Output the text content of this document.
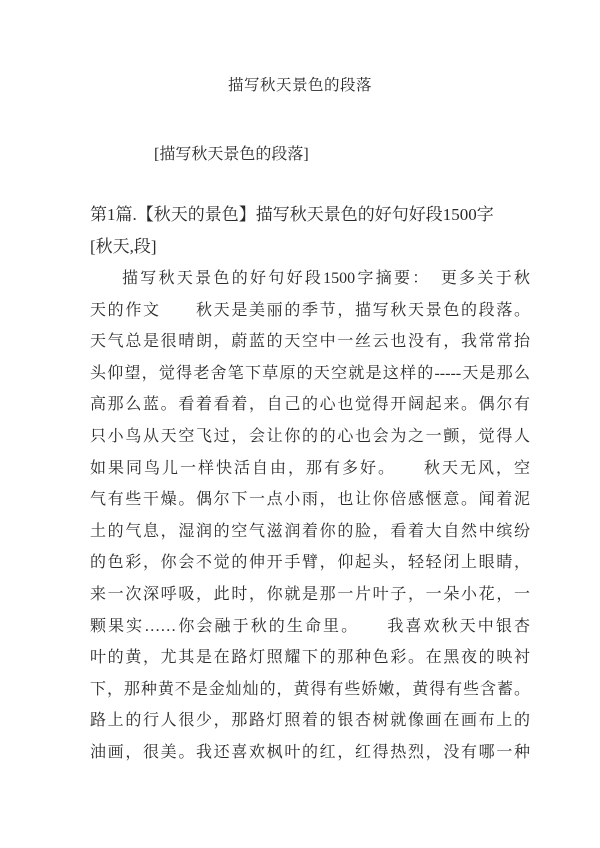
描写秋天景色的段落
[描写秋天景色的段落]
第1篇.【秋天的景色】描写秋天景色的好句好段1500字
[秋天,段]
描写秋天景色的好句好段1500字摘要：　更多关于秋
天的作文　　秋天是美丽的季节，描写秋天景色的段落。
天气总是很晴朗，蔚蓝的天空中一丝云也没有，我常常抬
头仰望，觉得老舍笔下草原的天空就是这样的-----天是那么
高那么蓝。看着看着，自己的心也觉得开阔起来。偶尔有
只小鸟从天空飞过，会让你的的心也会为之一颤，觉得人
如果同鸟儿一样快活自由，那有多好。　　秋天无风，空
气有些干燥。偶尔下一点小雨，也让你倍感惬意。闻着泥
土的气息，湿润的空气滋润着你的脸，看着大自然中缤纷
的色彩，你会不觉的伸开手臂，仰起头，轻轻闭上眼睛，
来一次深呼吸，此时，你就是那一片叶子，一朵小花，一
颗果实……你会融于秋的生命里。　　我喜欢秋天中银杏
叶的黄，尤其是在路灯照耀下的那种色彩。在黑夜的映衬
下，那种黄不是金灿灿的，黄得有些娇嫩，黄得有些含蓄。
路上的行人很少，那路灯照着的银杏树就像画在画布上的
油画，很美。我还喜欢枫叶的红，红得热烈，没有哪一种
